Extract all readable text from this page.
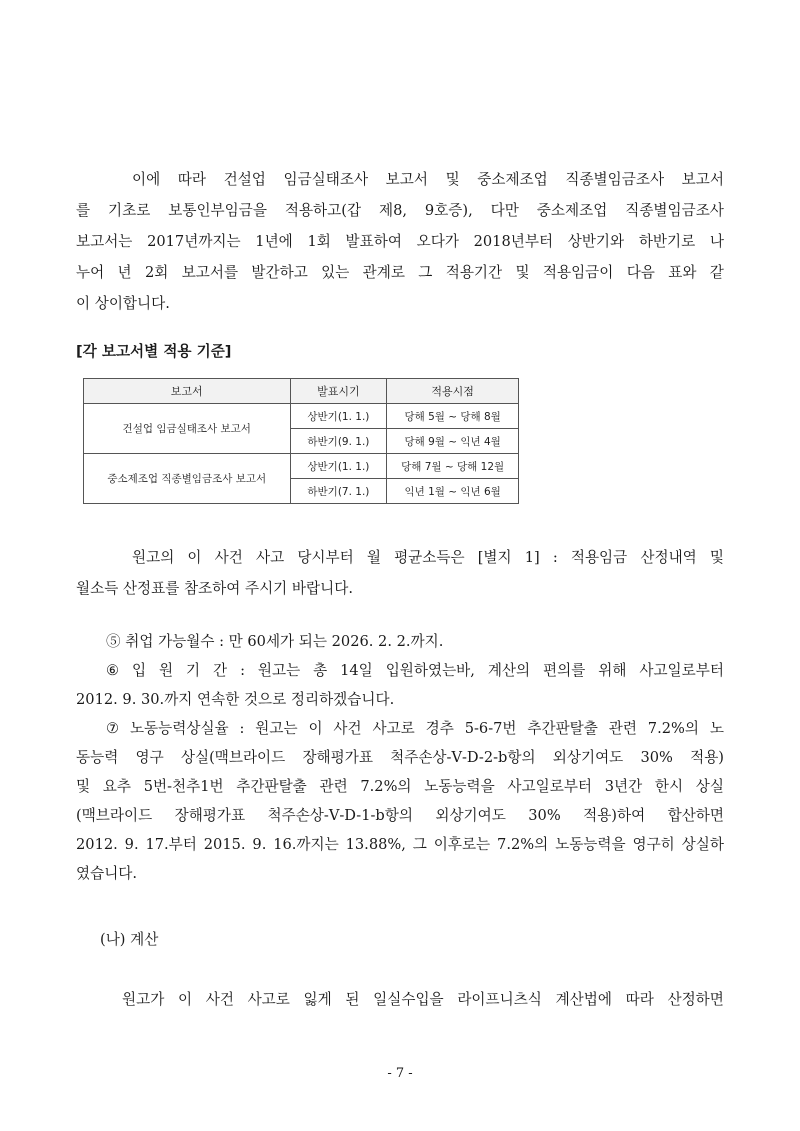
이에 따라 건설업 임금실태조사 보고서 및 중소제조업 직종별임금조사 보고서
를 기초로 보통인부임금을 적용하고(갑 제8, 9호증), 다만 중소제조업 직종별임금조사
보고서는 2017년까지는 1년에 1회 발표하여 오다가 2018년부터 상반기와 하반기로 나
누어 년 2회 보고서를 발간하고 있는 관계로 그 적용기간 및 적용임금이 다음 표와 같
이 상이합니다.
[각 보고서별 적용 기준]
보고서	발표시기	적용시점
건설업 임금실태조사 보고서	상반기(1. 1.)	당해 5월 ~ 당해 8월
	하반기(9. 1.)	당해 9월 ~ 익년 4월
중소제조업 직종별임금조사 보고서	상반기(1. 1.)	당해 7월 ~ 당해 12월
	하반기(7. 1.)	익년 1월 ~ 익년 6월
원고의 이 사건 사고 당시부터 월 평균소득은 [별지 1] : 적용임금 산정내역 및
월소득 산정표를 참조하여 주시기 바랍니다.
⑤ 취업 가능월수 : 만 60세가 되는 2026. 2. 2.까지.
⑥ 입 원 기 간 : 원고는 총 14일 입원하였는바, 계산의 편의를 위해 사고일로부터
2012. 9. 30.까지 연속한 것으로 정리하겠습니다.
⑦ 노동능력상실율 : 원고는 이 사건 사고로 경추 5-6-7번 추간판탈출 관련 7.2%의 노
동능력 영구 상실(맥브라이드 장해평가표 척주손상-Ⅴ-D-2-b항의 외상기여도 30% 적용)
및 요추 5번-천추1번 추간판탈출 관련 7.2%의 노동능력을 사고일로부터 3년간 한시 상실
(맥브라이드 장해평가표 척주손상-Ⅴ-D-1-b항의 외상기여도 30% 적용)하여 합산하면
2012. 9. 17.부터 2015. 9. 16.까지는 13.88%, 그 이후로는 7.2%의 노동능력을 영구히 상실하
였습니다.
(나) 계산
원고가 이 사건 사고로 잃게 된 일실수입을 라이프니츠식 계산법에 따라 산정하면
- 7 -
